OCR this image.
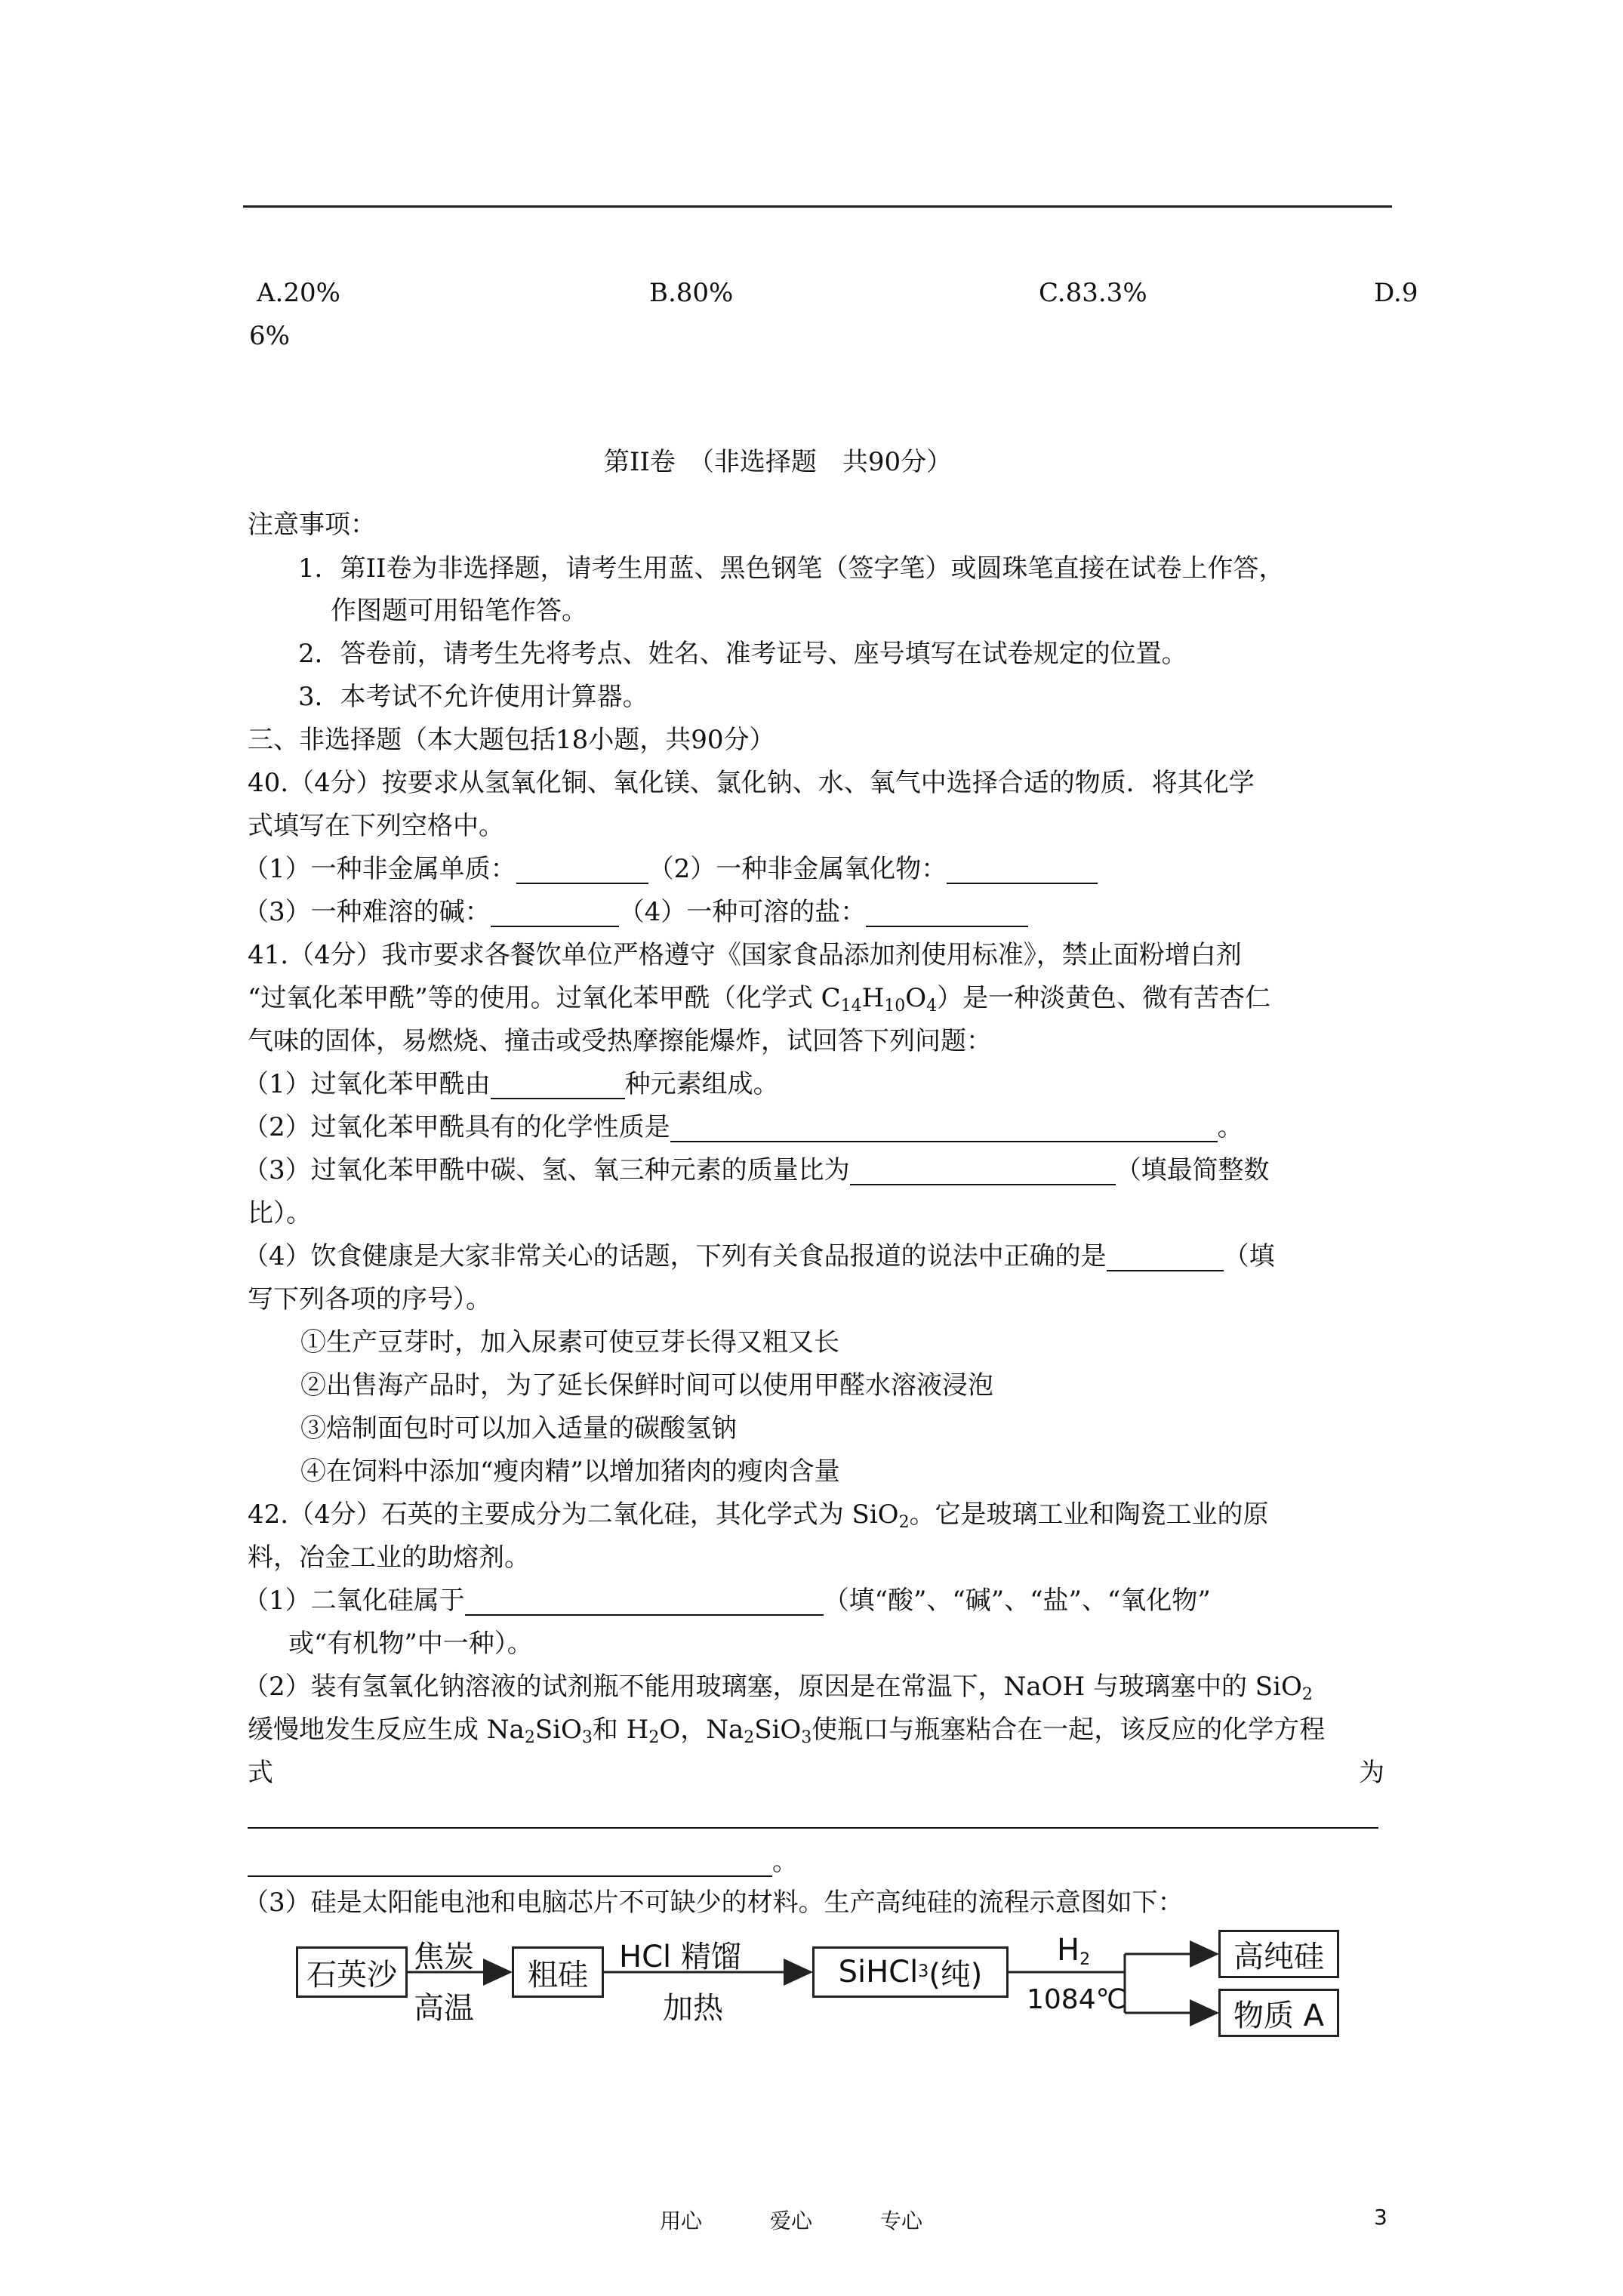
A.20%	B.80%	C.83.3%	D.9
6%
第II卷　（非选择题　共90分）
注意事项：
1．第II卷为非选择题，请考生用蓝、黑色钢笔（签字笔）或圆珠笔直接在试卷上作答，
作图题可用铅笔作答。
2．答卷前，请考生先将考点、姓名、准考证号、座号填写在试卷规定的位置。
3．本考试不允许使用计算器。
三、非选择题（本大题包括18小题，共90分）
40.（4分）按要求从氢氧化铜、氧化镁、氯化钠、水、氧气中选择合适的物质．将其化学
式填写在下列空格中。
（1）一种非金属单质：	（2）一种非金属氧化物：
（3）一种难溶的碱：	（4）一种可溶的盐：
41.（4分）我市要求各餐饮单位严格遵守《国家食品添加剂使用标准》，禁止面粉增白剂
“过氧化苯甲酰”等的使用。过氧化苯甲酰（化学式 $C_{14}H_{10}O_4$）是一种淡黄色、微有苦杏仁
气味的固体，易燃烧、撞击或受热摩擦能爆炸，试回答下列问题：
（1）过氧化苯甲酰由	种元素组成。
（2）过氧化苯甲酰具有的化学性质是	。
（3）过氧化苯甲酰中碳、氢、氧三种元素的质量比为	（填最简整数
比）。
（4）饮食健康是大家非常关心的话题，下列有关食品报道的说法中正确的是	（填
写下列各项的序号）。
①生产豆芽时，加入尿素可使豆芽长得又粗又长
②出售海产品时，为了延长保鲜时间可以使用甲醛水溶液浸泡
③焙制面包时可以加入适量的碳酸氢钠
④在饲料中添加“瘦肉精”以增加猪肉的瘦肉含量
42.（4分）石英的主要成分为二氧化硅，其化学式为 SiO$_2$。它是玻璃工业和陶瓷工业的原
料，冶金工业的助熔剂。
（1）二氧化硅属于	（填“酸”、“碱”、“盐”、“氧化物”
或“有机物”中一种）。
（2）装有氢氧化钠溶液的试剂瓶不能用玻璃塞，原因是在常温下，NaOH 与玻璃塞中的 SiO$_2$
缓慢地发生反应生成 $Na_2SiO_3$和 $H_2O$，$Na_2SiO_3$使瓶口与瓶塞粘合在一起，该反应的化学方程
式	为
。
（3）硅是太阳能电池和电脑芯片不可缺少的材料。生产高纯硅的流程示意图如下：
石英沙
焦炭
高温
粗硅
HCl 精馏
加热
SiHCl 3 (纯)
$H_2$
1084℃
高纯硅
物质 A
用心	爱心	专心	3
